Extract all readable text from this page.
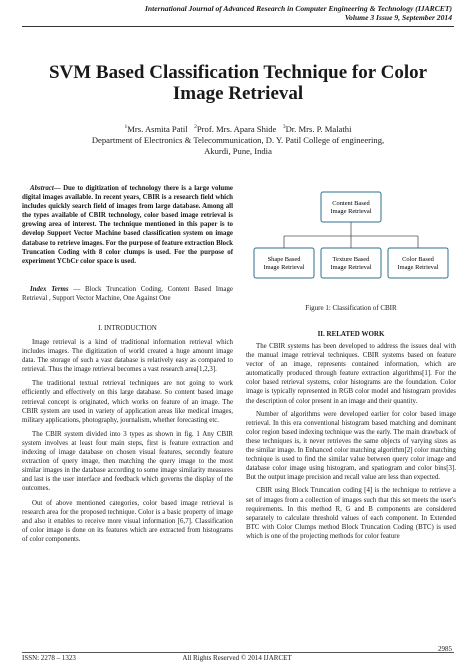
International Journal of Advanced Research in Computer Engineering & Technology (IJARCET)
Volume 3 Issue 9, September 2014
SVM Based Classification Technique for Color Image Retrieval
$^1$Mrs. Asmita Patil $^2$Prof. Mrs. Apara Shide $^3$Dr. Mrs. P. Malathi
Department of Electronics & Telecommunication, D. Y. Patil College of engineering,
Akurdi, Pune, India
Abstract— Due to digitization of technology there is a large volume digital images available. In recent years, CBIR is a research field which includes quickly search field of images from large database. Among all the types available of CBIR technology, color based image retrieval is growing area of interest. The technique mentioned in this paper is to develop Support Vector Machine based classification system on image database to retrieve images. For the purpose of feature extraction Block Truncation Coding with 8 color clumps is used. For the purpose of experiment YCbCr color space is used.
Index Terms — Block Truncation Coding, Content Based Image Retrieval , Support Vector Machine, One Against One
I. INTRODUCTION

Image retrieval is a kind of traditional information retrieval which includes images. The digitization of world created a huge amount image data. The storage of such a vast database is relatively easy as compared to retrieval. Thus the image retrieval becomes a vast research area[1,2,3].

The traditional textual retrieval techniques are not going to work efficiently and effectively on this large database. So content based image retrieval concept is originated, which works on feature of an image. The CBIR system are used in variety of application areas like medical images, military applications, photography, journalism, whether forecasting etc.

The CBIR system divided into 3 types as shown in fig. 1 Any CBIR system involves at least four main steps, first is feature extraction and indexing of image database on chosen visual features, secondly feature extraction of query image, then matching the query image to the most similar images in the database according to some image similarity measures and last is the user interface and feedback which governs the display of the outcomes.

Out of above mentioned categories, color based image retrieval is research area for the proposed technique. Color is a basic property of image and also it enables to receive more visual information [6,7]. Classification of color image is done on its features which are extracted from histograms of color components.

Content Based
Image Retrieval
Shape Based
Image Retrieval
Texture Based
Image Retrieval
Color Based
Image Retrieval
Figure 1: Classification of CBIR
II. RELATED WORK

The CBIR systems has been developed to address the issues deal with the manual image retrieval techniques. CBIR systems based on feature vector of an image, represents contained information, which are automatically produced through feature extraction algorithms[1]. For the color based retrieval systems, color histograms are the foundation. Color image is typically represented in RGB color model and histogram provides the description of color present in an image and their quantity.

Number of algorithms were developed earlier for color based image retrieval. In this era conventional histogram based matching and dominant color region based indexing technique was the early. The main drawback of these techniques is, it never retrieves the same objects of varying sizes as the similar image. In Enhanced color matching algorithm[2] color matching technique is used to find the similar value between query color image and database color image using histogram, and spatiogram and color bins[3]. But the output image precision and recall value are less than expected.

CBIR using Block Truncation coding [4] is the technique to retrieve a set of images from a collection of images such that this set meets the user's requirements. In this method R, G and B components are considered separately to calculate threshold values of each component. In Extended BTC with Color Clumps method Block Truncation Coding (BTC) is used which is one of the projecting methods for color feature

2985
ISSN: 2278 – 1323	All Rights Reserved © 2014 IJARCET
